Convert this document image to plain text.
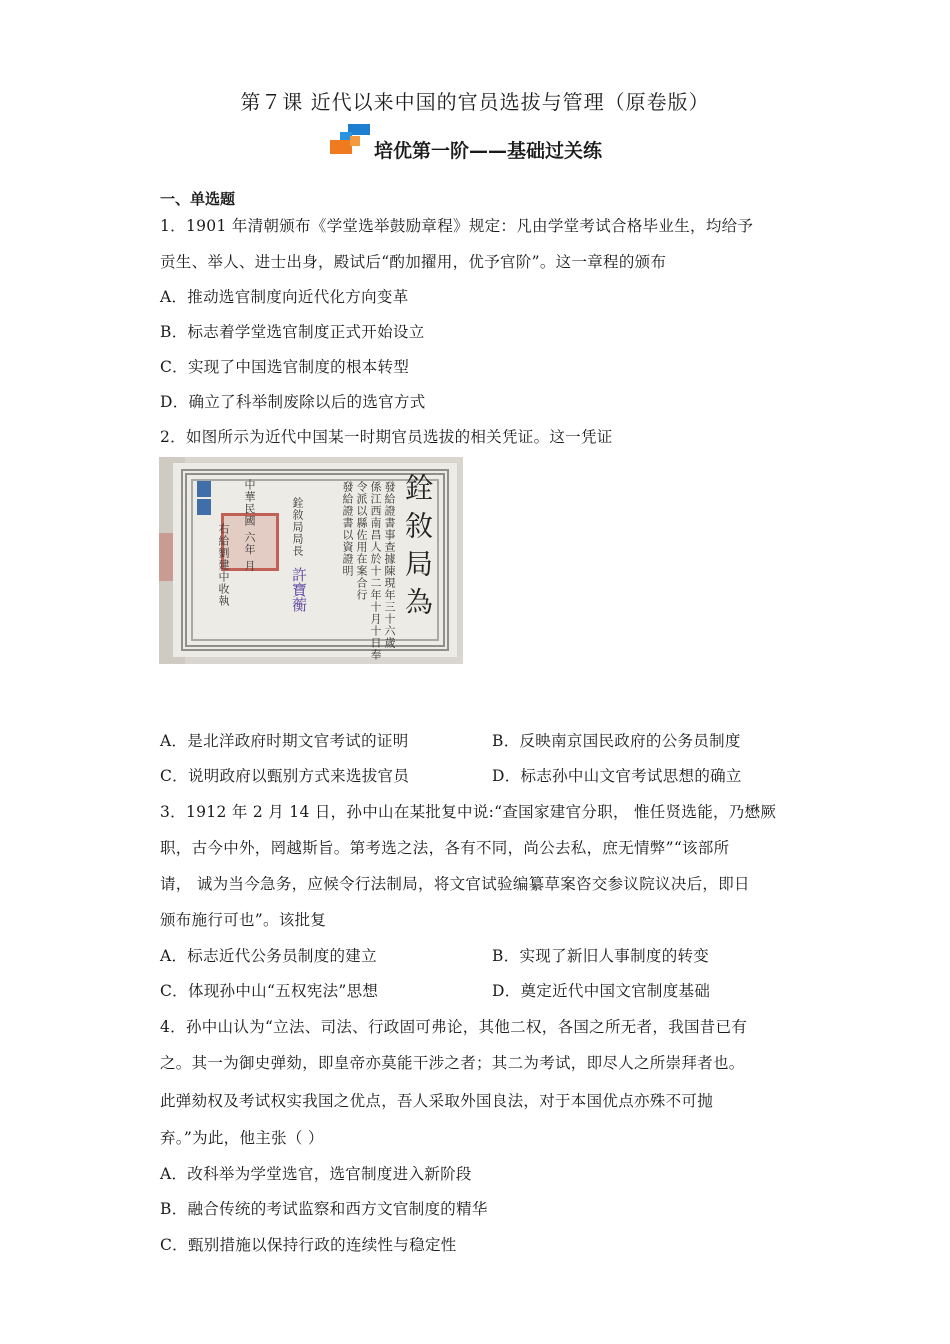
第７课 近代以来中国的官员选拔与管理（原卷版）
培优第一阶——基础过关练
一、单选题
1．1901 年清朝颁布《学堂选举鼓励章程》规定：凡由学堂考试合格毕业生，均给予
贡生、举人、进士出身，殿试后“酌加擢用，优予官阶”。这一章程的颁布
A．推动选官制度向近代化方向变革
B．标志着学堂选官制度正式开始设立
C．实现了中国选官制度的根本转型
D．确立了科举制废除以后的选官方式
2．如图所示为近代中国某一时期官员选拔的相关凭证。这一凭证
中華民國 六年 月
右給劉建中收執	銓敘局局長
許寶蘅	發給證書事查據陳現年三十六歲
係江西南昌人於十二年十月十日奉
令派以縣佐用在案合行
發給證書以資證明 銓敘局為
A．是北洋政府时期文官考试的证明	B．反映南京国民政府的公务员制度
C．说明政府以甄别方式来选拔官员	D．标志孙中山文官考试思想的确立
3．1912 年 2 月 14 日，孙中山在某批复中说:“查国家建官分职， 惟任贤选能，乃懋厥
职，古今中外，罔越斯旨。第考选之法，各有不同，尚公去私，庶无情弊”“该部所
请， 诚为当今急务，应候令行法制局，将文官试验编纂草案咨交参议院议决后，即日
颁布施行可也”。该批复
A．标志近代公务员制度的建立	B．实现了新旧人事制度的转变
C．体现孙中山“五权宪法”思想	D．奠定近代中国文官制度基础
4．孙中山认为“立法、司法、行政固可弗论，其他二权，各国之所无者，我国昔已有
之。其一为御史弹劾，即皇帝亦莫能干涉之者；其二为考试，即尽人之所崇拜者也。
此弹劾权及考试权实我国之优点，吾人采取外国良法，对于本国优点亦殊不可抛
弃。”为此，他主张（ ）
A．改科举为学堂选官，选官制度进入新阶段
B．融合传统的考试监察和西方文官制度的精华
C．甄别措施以保持行政的连续性与稳定性
